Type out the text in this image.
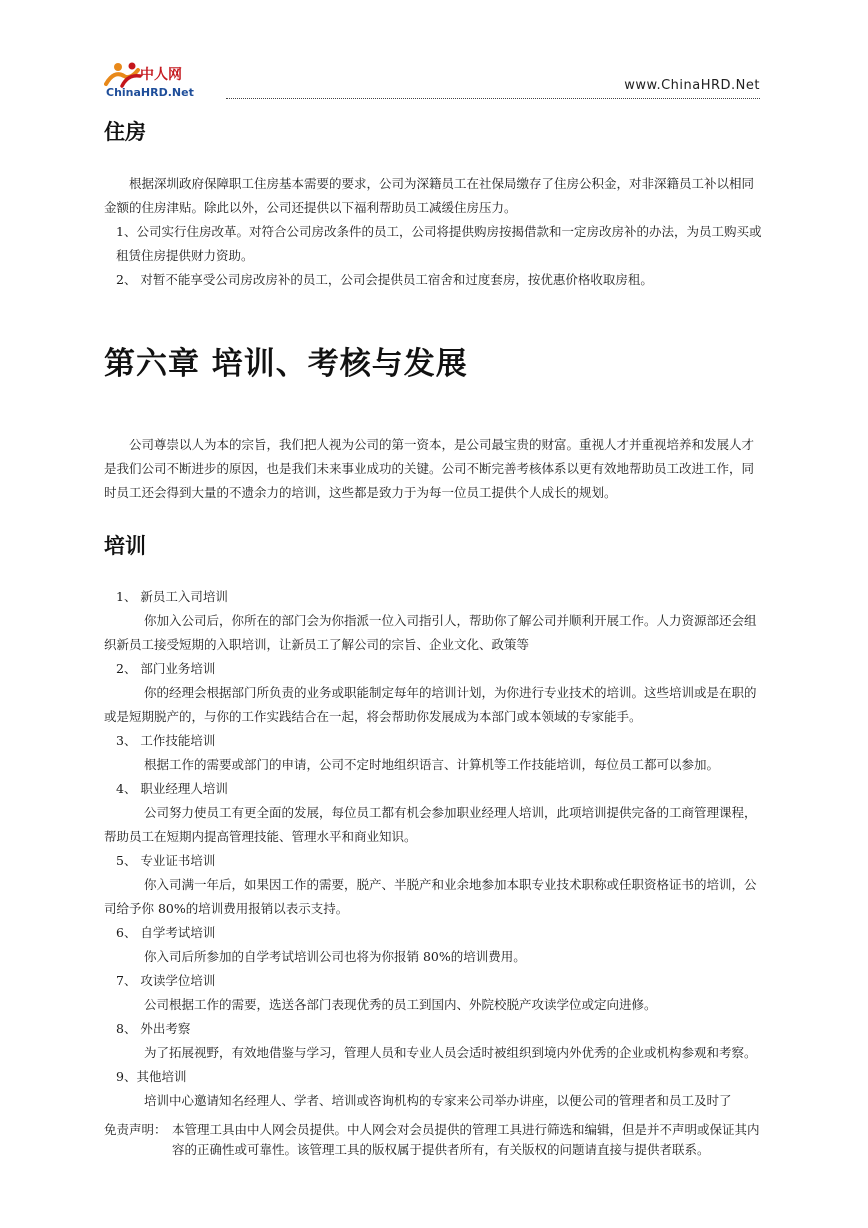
中人网
ChinaHRD.Net	www.ChinaHRD.Net
住房

根据深圳政府保障职工住房基本需要的要求，公司为深籍员工在社保局缴存了住房公积金，对非深籍员工补以相同金额的住房津贴。除此以外，公司还提供以下福利帮助员工减缓住房压力。

1、公司实行住房改革。对符合公司房改条件的员工，公司将提供购房按揭借款和一定房改房补的办法，为员工购买或租赁住房提供财力资助。

2、 对暂不能享受公司房改房补的员工，公司会提供员工宿舍和过度套房，按优惠价格收取房租。

第六章 培训、考核与发展

公司尊崇以人为本的宗旨，我们把人视为公司的第一资本，是公司最宝贵的财富。重视人才并重视培养和发展人才是我们公司不断进步的原因，也是我们未来事业成功的关键。公司不断完善考核体系以更有效地帮助员工改进工作，同时员工还会得到大量的不遗余力的培训，这些都是致力于为每一位员工提供个人成长的规划。

培训

1、 新员工入司培训

你加入公司后，你所在的部门会为你指派一位入司指引人，帮助你了解公司并顺利开展工作。人力资源部还会组织新员工接受短期的入职培训，让新员工了解公司的宗旨、企业文化、政策等

2、 部门业务培训

你的经理会根据部门所负责的业务或职能制定每年的培训计划，为你进行专业技术的培训。这些培训或是在职的或是短期脱产的，与你的工作实践结合在一起，将会帮助你发展成为本部门或本领域的专家能手。

3、 工作技能培训

根据工作的需要或部门的申请，公司不定时地组织语言、计算机等工作技能培训，每位员工都可以参加。

4、 职业经理人培训

公司努力使员工有更全面的发展，每位员工都有机会参加职业经理人培训，此项培训提供完备的工商管理课程，帮助员工在短期内提高管理技能、管理水平和商业知识。

5、 专业证书培训

你入司满一年后，如果因工作的需要，脱产、半脱产和业余地参加本职专业技术职称或任职资格证书的培训，公司给予你 80%的培训费用报销以表示支持。

6、 自学考试培训

你入司后所参加的自学考试培训公司也将为你报销 80%的培训费用。

7、 攻读学位培训

公司根据工作的需要，选送各部门表现优秀的员工到国内、外院校脱产攻读学位或定向进修。

8、 外出考察

为了拓展视野，有效地借鉴与学习，管理人员和专业人员会适时被组织到境内外优秀的企业或机构参观和考察。

9、其他培训

培训中心邀请知名经理人、学者、培训或咨询机构的专家来公司举办讲座，以便公司的管理者和员工及时了

免责声明： 本管理工具由中人网会员提供。中人网会对会员提供的管理工具进行筛选和编辑，但是并不声明或保证其内容的正确性或可靠性。该管理工具的版权属于提供者所有，有关版权的问题请直接与提供者联系。
